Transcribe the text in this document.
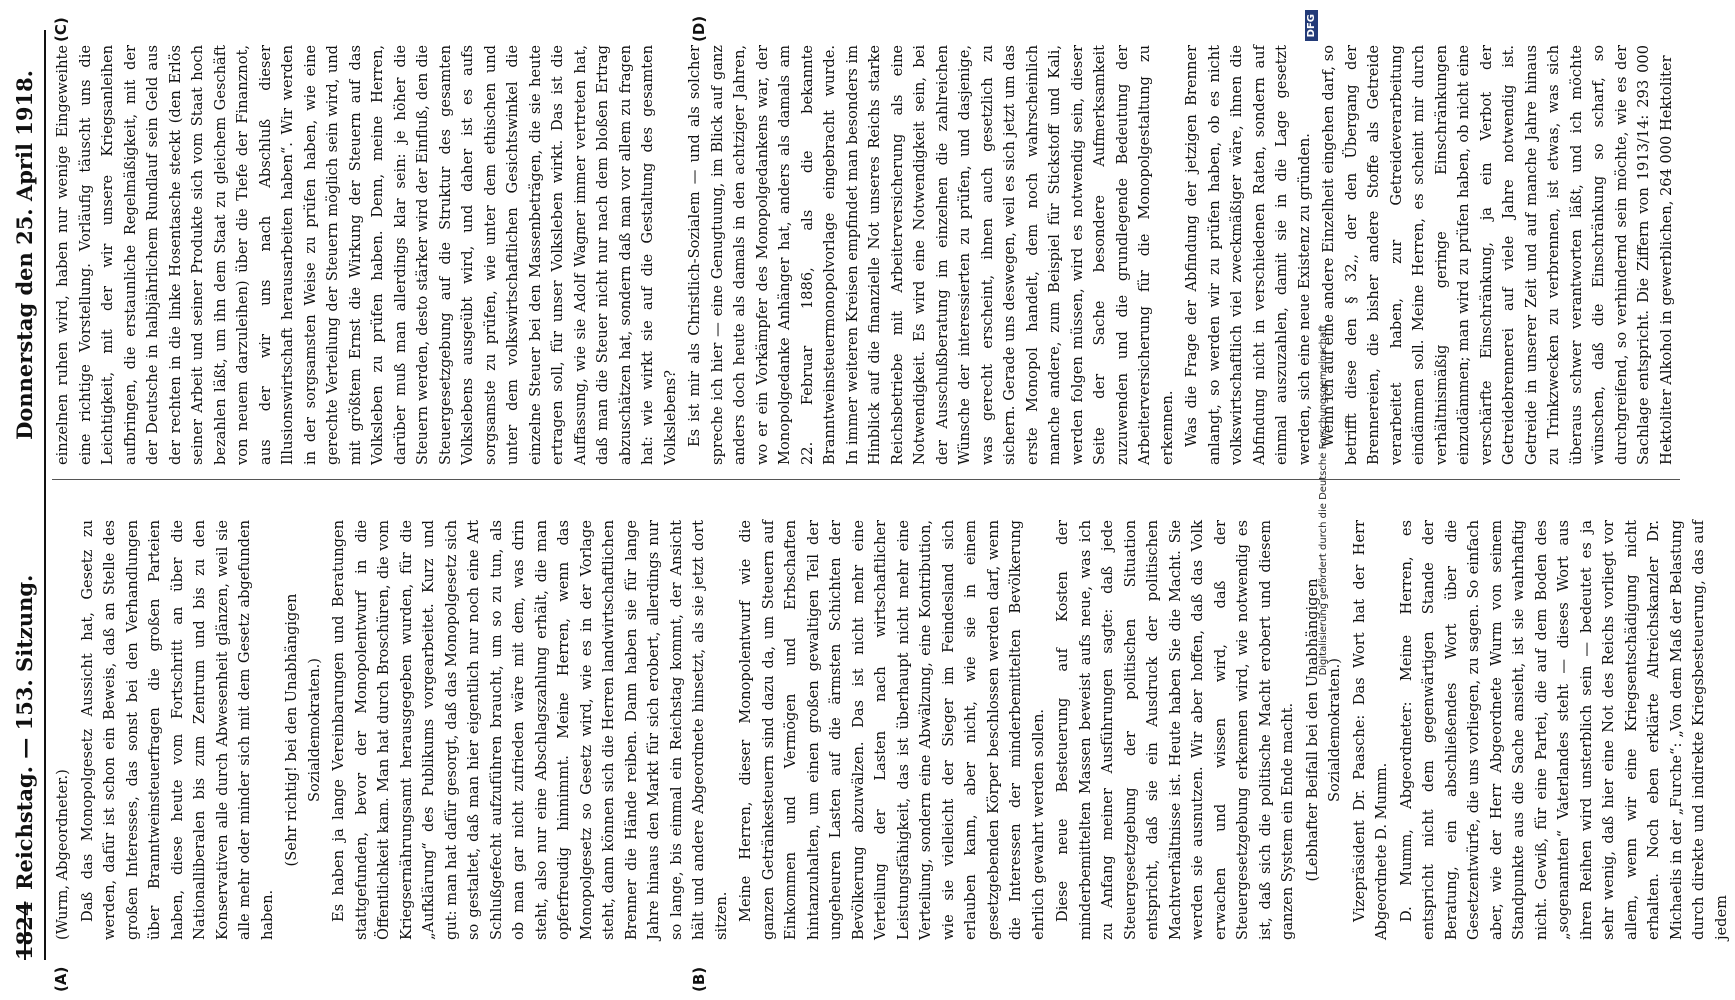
1824
Reichstag. — 153. Sitzung.
Donnerstag den 25. April 1918.
(A)	(B)
(C)	(D)

(Wurm, Abgeordneter.) Daß das Monopolgesetz Aussicht hat, Gesetz zu werden, dafür ist schon ein Beweis, daß an Stelle des großen Interesses, das sonst bei den Verhandlungen über Branntweinsteuerfragen die großen Parteien haben, diese heute vom Fortschritt an über die Nationalliberalen bis zum Zentrum und bis zu den Konservativen alle durch Abwesenheit glänzen, weil sie alle mehr oder minder sich mit dem Gesetz abgefunden haben.

(Sehr richtig! bei den Unabhängigen Sozialdemokraten.) Es haben ja lange Vereinbarungen und Beratungen stattgefunden, bevor der Monopolentwurf in die Öffentlichkeit kam. Man hat durch Broschüren, die vom Kriegsernährungsamt herausgegeben wurden, für die „Aufklärung“ des Publikums vorgearbeitet. Kurz und gut: man hat dafür gesorgt, daß das Monopolgesetz sich so gestaltet, daß man hier eigentlich nur noch eine Art Schlußgefecht aufzuführen braucht, um so zu tun, als ob man gar nicht zufrieden wäre mit dem, was drin steht, also nur eine Abschlagszahlung erhält, die man opferfreudig hinnimmt. Meine Herren, wenn das Monopolgesetz so Gesetz wird, wie es in der Vorlage steht, dann können sich die Herren landwirtschaftlichen Brenner die Hände reiben. Dann haben sie für lange Jahre hinaus den Markt für sich erobert, allerdings nur so lange, bis einmal ein Reichstag kommt, der Ansicht hält und andere Abgeordnete hinsetzt, als sie jetzt dort sitzen. Meine Herren, dieser Monopolentwurf wie die ganzen Getränkesteuern sind dazu da, um Steuern auf Einkommen und Vermögen und Erbschaften hintanzuhalten, um einen großen gewaltigen Teil der ungeheuren Lasten auf die ärmsten Schichten der Bevölkerung abzuwälzen. Das ist nicht mehr eine Verteilung der Lasten nach wirtschaftlicher Leistungsfähigkeit, das ist überhaupt nicht mehr eine Verteilung, sondern eine Abwälzung, eine Kontribution, wie sie vielleicht der Sieger im Feindesland sich erlauben kann, aber nicht, wie sie in einem gesetzgebenden Körper beschlossen werden darf, wenn die Interessen der minderbemittelten Bevölkerung ehrlich gewahrt werden sollen. Diese neue Besteuerung auf Kosten der minderbemittelten Massen beweist aufs neue, was ich zu Anfang meiner Ausführungen sagte: daß jede Steuergesetzgebung der politischen Situation entspricht, daß sie ein Ausdruck der politischen Machtverhältnisse ist. Heute haben Sie die Macht. Sie werden sie ausnutzen. Wir aber hoffen, daß das Volk erwachen und wissen wird, daß der Steuergesetzgebung erkennen wird, wie notwendig es ist, daß sich die politische Macht erobert und diesem ganzen System ein Ende macht. (Lebhafter Beifall bei den Unabhängigen Sozialdemokraten.) Vizepräsident Dr. Paasche: Das Wort hat der Herr Abgeordnete D. Mumm. D. Mumm, Abgeordneter: Meine Herren, es entspricht nicht dem gegenwärtigen Stande der Beratung, ein abschließendes Wort über die Gesetzentwürfe, die uns vorliegen, zu sagen. So einfach aber, wie der Herr Abgeordnete Wurm von seinem Standpunkte aus die Sache ansieht, ist sie wahrhaftig nicht. Gewiß, für eine Partei, die auf dem Boden des „sogenannten“ Vaterlandes steht — dieses Wort aus ihren Reihen wird unsterblich sein — bedeutet es ja sehr wenig, daß hier eine Not des Reichs vorliegt vor allem, wenn wir eine Kriegsentschädigung nicht erhalten. Noch eben erklärte Altreichskanzler Dr. Michaelis in der „Furche“: „Von dem Maß der Belastung durch direkte und indirekte Kriegsbesteuerung, das auf jedem

einzelnen ruhen wird, haben nur wenige Eingeweihte eine richtige Vorstellung. Vorläufig täuscht uns die Leichtigkeit, mit der wir unsere Kriegsanleihen aufbringen, die erstaunliche Regelmäßigkeit, mit der der Deutsche in halbjährlichem Rundlauf sein Geld aus der rechten in die linke Hosentasche steckt (den Erlös seiner Arbeit und seiner Produkte sich vom Staat hoch bezahlen läßt, um ihn dem Staat zu gleichem Geschäft von neuem darzuleihen) über die Tiefe der Finanznot, aus der wir uns nach Abschluß dieser Illusionswirtschaft herausarbeiten haben“. Wir werden in der sorgsamsten Weise zu prüfen haben, wie eine gerechte Verteilung der Steuern möglich sein wird, und mit größtem Ernst die Wirkung der Steuern auf das Volksleben zu prüfen haben. Denn, meine Herren, darüber muß man allerdings klar sein: je höher die Steuern werden, desto stärker wird der Einfluß, den die Steuergesetzgebung auf die Struktur des gesamten Volkslebens ausgeübt wird, und daher ist es aufs sorgsamste zu prüfen, wie unter dem ethischen und unter dem volkswirtschaftlichen Gesichtswinkel die einzelne Steuer bei den Massenbeträgen, die sie heute ertragen soll, für unser Volksleben wirkt. Das ist die Auffassung, wie sie Adolf Wagner immer vertreten hat, daß man die Steuer nicht nur nach dem bloßen Ertrag abzuschätzen hat, sondern daß man vor allem zu fragen hat: wie wirkt sie auf die Gestaltung des gesamten Volkslebens? Es ist mir als Christlich-Sozialem — und als solcher spreche ich hier — eine Genugtuung, im Blick auf ganz anders doch heute als damals in den achtziger Jahren, wo er ein Vorkämpfer des Monopolgedankens war, der Monopolgedanke Anhänger hat, anders als damals am 22. Februar 1886, als die bekannte Branntweinsteuermonopolvorlage eingebracht wurde. In immer weiteren Kreisen empfindet man besonders im Hinblick auf die finanzielle Not unseres Reichs starke Reichsbetriebe mit Arbeiterversicherung als eine Notwendigkeit. Es wird eine Notwendigkeit sein, bei der Ausschußberatung im einzelnen die zahlreichen Wünsche der interessierten zu prüfen, und dasjenige, was gerecht erscheint, ihnen auch gesetzlich zu sichern. Gerade uns deswegen, weil es sich jetzt um das erste Monopol handelt, dem noch wahrscheinlich manche andere, zum Beispiel für Stickstoff und Kali, werden folgen müssen, wird es notwendig sein, dieser Seite der Sache besondere Aufmerksamkeit zuzuwenden und die grundlegende Bedeutung der Arbeiterversicherung für die Monopolgestaltung zu erkennen. Was die Frage der Abfindung der jetzigen Brenner anlangt, so werden wir zu prüfen haben, ob es nicht volkswirtschaftlich viel zweckmäßiger wäre, ihnen die Abfindung nicht in verschiedenen Raten, sondern auf einmal auszuzahlen, damit sie in die Lage gesetzt werden, sich eine neue Existenz zu gründen. Wenn ich auf eine andere Einzelheit eingehen darf, so betrifft diese den § 32,, der den Übergang der Brennereien, die bisher andere Stoffe als Getreide verarbeitet haben, zur Getreideverarbeitung eindämmen soll. Meine Herren, es scheint mir durch verhältnismäßig geringe Einschränkungen einzudämmen; man wird zu prüfen haben, ob nicht eine verschärfte Einschränkung, ja ein Verbot der Getreidebrennerei auf viele Jahre notwendig ist. Getreide in unserer Zeit und auf manche Jahre hinaus zu Trinkzwecken zu verbrennen, ist etwas, was sich überaus schwer verantworten läßt, und ich möchte wünschen, daß die Einschränkung so scharf, so durchgreifend, so verhindernd sein möchte, wie es der Sachlage entspricht. Die Ziffern von 1913/14: 293 000 Hektoliter Alkohol in gewerblichen, 264 000 Hektoliter

Digitalisierung gefördert durch die Deutsche Forschungsgemeinschaft
DFG
